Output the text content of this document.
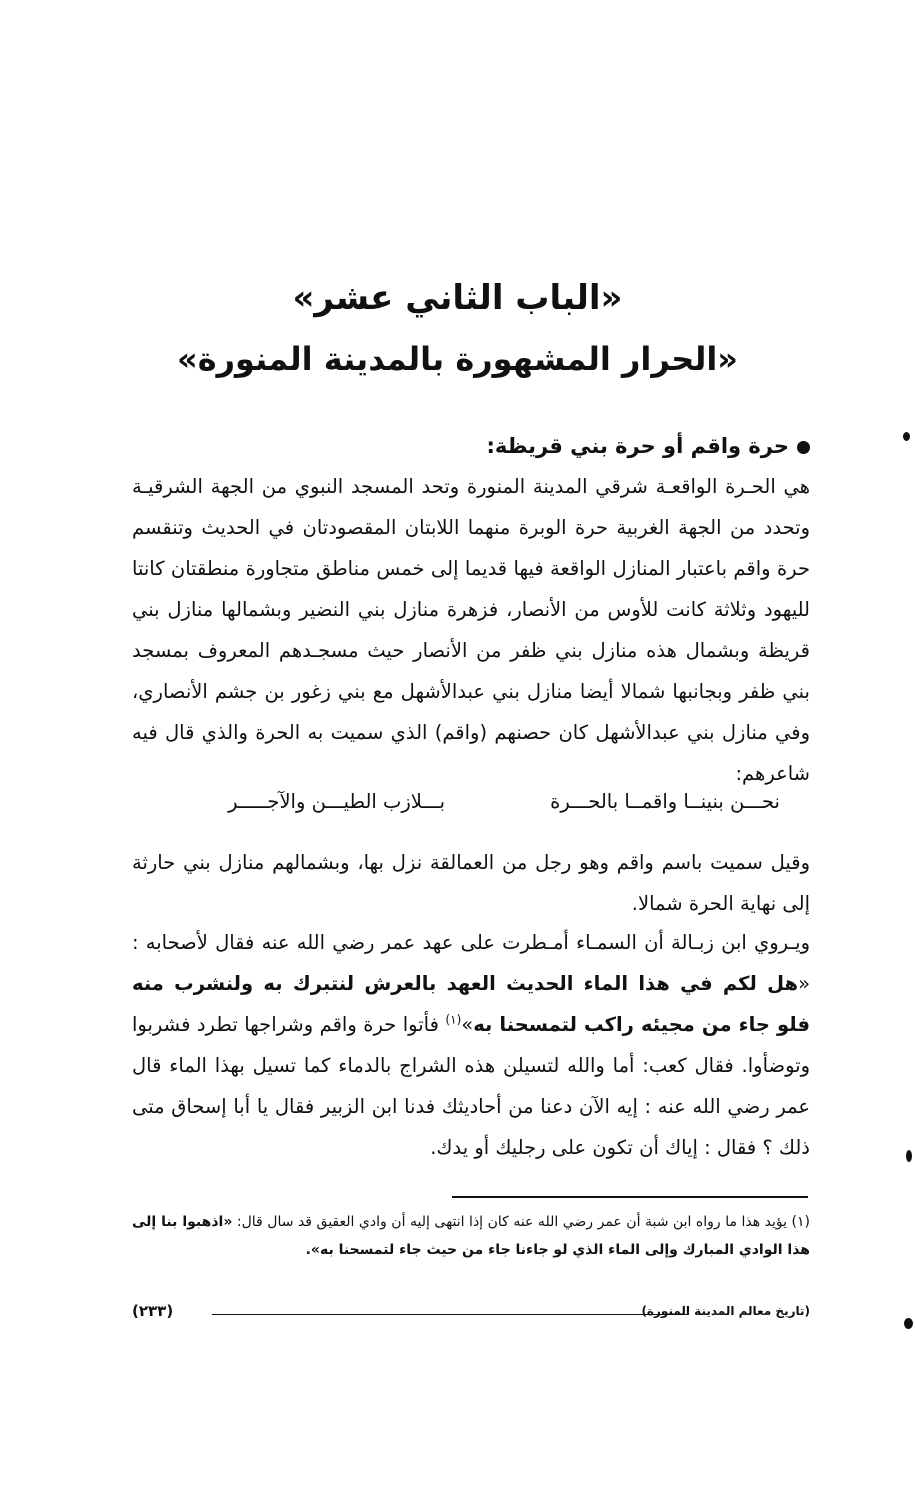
«الباب الثاني عشر»
«الحرار المشهورة بالمدينة المنورة»
حرة واقم أو حرة بني قريظة:

هي الحـرة الواقعـة شرقي المدينة المنورة وتحد المسجد النبوي من الجهة الشرقيـة وتحدد من الجهة الغربية حرة الوبرة منهما اللابتان المقصودتان في الحديث وتنقسم حرة واقم باعتبار المنازل الواقعة فيها قديما إلى خمس مناطق متجاورة منطقتان كانتا لليهود وثلاثة كانت للأوس من الأنصار، فزهرة منازل بني النضير وبشمالها منازل بني قريظة وبشمال هذه منازل بني ظفر من الأنصار حيث مسجـدهم المعروف بمسجد بني ظفر وبجانبها شمالا أيضا منازل بني عبدالأشهل مع بني زغور بن جشم الأنصاري، وفي منازل بني عبدالأشهل كان حصنهم (واقم) الذي سميت به الحرة والذي قال فيه شاعرهم:

نحـــن بنينــا واقمــا بالحـــرة
بـــلازب الطيـــن والآجـــــر

وقيل سميت باسم واقم وهو رجل من العمالقة نزل بها، وبشمالهم منازل بني حارثة إلى نهاية الحرة شمالا.

ويـروي ابن زبـالة أن السمـاء أمـطرت على عهد عمر رضي الله عنه فقال لأصحابه : «هل لكم في هذا الماء الحديث العهد بالعرش لنتبرك به ولنشرب منه فلو جاء من مجيئه راكب لتمسحنا به»$^{(١)}$ فأتوا حرة واقم وشراجها تطرد فشربوا وتوضأوا. فقال كعب: أما والله لتسيلن هذه الشراج بالدماء كما تسيل بهذا الماء قال عمر رضي الله عنه : إيه الآن دعنا من أحاديثك فدنا ابن الزبير فقال يا أبا إسحاق متى ذلك ؟ فقال : إياك أن تكون على رجليك أو يدك.

(١) يؤيد هذا ما رواه ابن شبة أن عمر رضي الله عنه كان إذا انتهى إليه أن وادي العقيق قد سال قال: «اذهبوا بنا إلى هذا الوادي المبارك وإلى الماء الذي لو جاءنا جاء من حيث جاء لتمسحنا به».

(تاريخ معالم المدينة المنورة)
(٢٣٣)
